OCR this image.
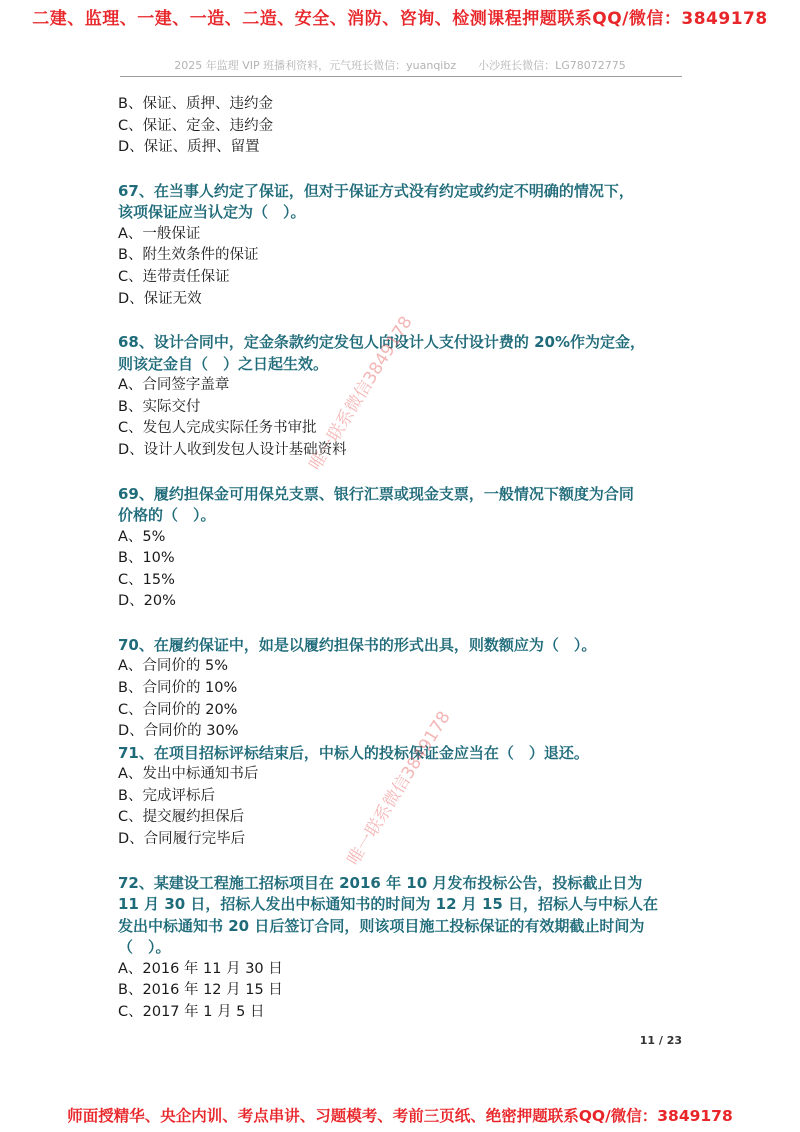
二建、监理、一建、一造、二造、安全、消防、咨询、检测课程押题联系QQ/微信：3849178
2025 年监理 VIP 班播利资料，元气班长微信：yuanqibz　　小沙班长微信：LG78072775
B、保证、质押、违约金
C、保证、定金、违约金
D、保证、质押、留置
67、在当事人约定了保证，但对于保证方式没有约定或约定不明确的情况下，
该项保证应当认定为（　）。
A、一般保证
B、附生效条件的保证
C、连带责任保证
D、保证无效
68、设计合同中，定金条款约定发包人向设计人支付设计费的 20%作为定金，
则该定金自（　）之日起生效。
A、合同签字盖章
B、实际交付
C、发包人完成实际任务书审批
D、设计人收到发包人设计基础资料
69、履约担保金可用保兑支票、银行汇票或现金支票，一般情况下额度为合同
价格的（　）。
A、5%
B、10%
C、15%
D、20%
70、在履约保证中，如是以履约担保书的形式出具，则数额应为（　）。
A、合同价的 5%
B、合同价的 10%
C、合同价的 20%
D、合同价的 30%
71、在项目招标评标结束后，中标人的投标保证金应当在（　）退还。
A、发出中标通知书后
B、完成评标后
C、提交履约担保后
D、合同履行完毕后
72、某建设工程施工招标项目在 2016 年 10 月发布投标公告，投标截止日为
11 月 30 日，招标人发出中标通知书的时间为 12 月 15 日，招标人与中标人在
发出中标通知书 20 日后签订合同，则该项目施工投标保证的有效期截止时间为
（　）。
A、2016 年 11 月 30 日
B、2016 年 12 月 15 日
C、2017 年 1 月 5 日
唯一联系微信3849178
唯一联系微信3849178
11 / 23
师面授精华、央企内训、考点串讲、习题模考、考前三页纸、绝密押题联系QQ/微信：3849178
